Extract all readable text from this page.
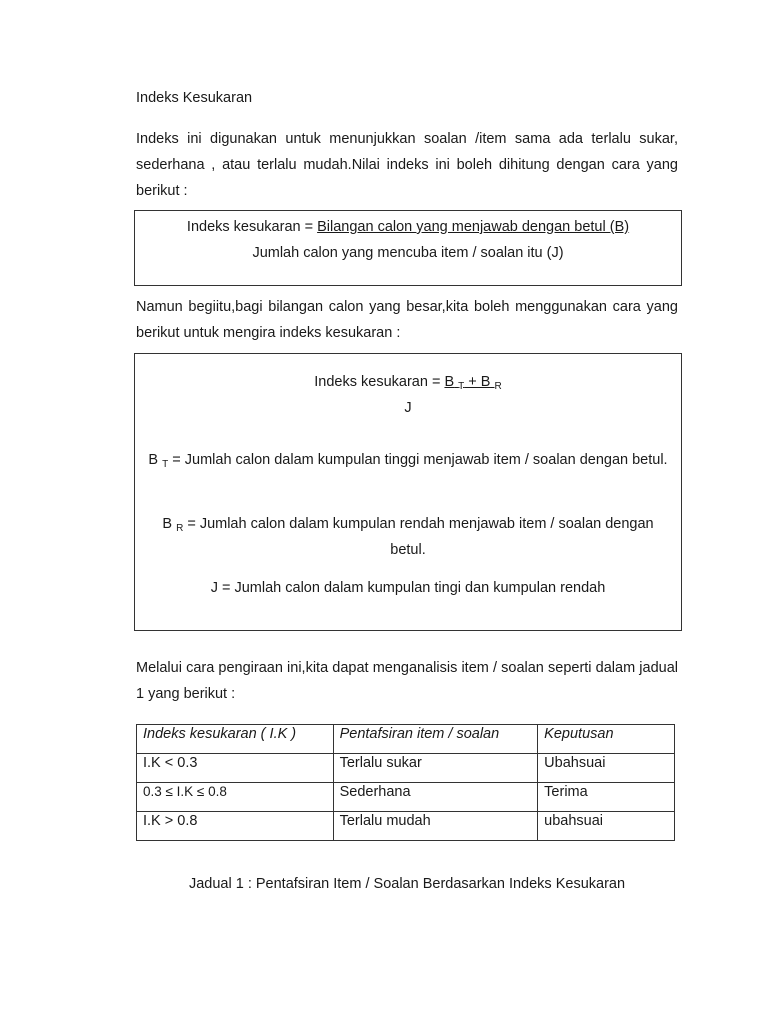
Indeks Kesukaran
Indeks ini digunakan untuk menunjukkan soalan /item sama ada terlalu sukar, sederhana , atau terlalu mudah.Nilai indeks ini boleh dihitung dengan cara yang berikut :
Indeks kesukaran = Bilangan calon yang menjawab dengan betul (B)
Jumlah calon yang mencuba item / soalan itu (J)
Namun begiitu,bagi bilangan calon yang besar,kita boleh menggunakan cara yang berikut untuk mengira indeks kesukaran :
Indeks kesukaran = B $_T$ + B $_R$
J
B $_T$ = Jumlah calon dalam kumpulan tinggi menjawab item / soalan dengan betul.
B $_R$ = Jumlah calon dalam kumpulan rendah menjawab item / soalan dengan
betul.
J = Jumlah calon dalam kumpulan tingi dan kumpulan rendah
Melalui cara pengiraan ini,kita dapat menganalisis item / soalan seperti dalam jadual 1 yang berikut :
Indeks kesukaran ( I.K )	Pentafsiran item / soalan	Keputusan
I.K < 0.3	Terlalu sukar	Ubahsuai
0.3 ≤ I.K ≤ 0.8	Sederhana	Terima
I.K > 0.8	Terlalu mudah	ubahsuai
Jadual 1 : Pentafsiran Item / Soalan Berdasarkan Indeks Kesukaran
